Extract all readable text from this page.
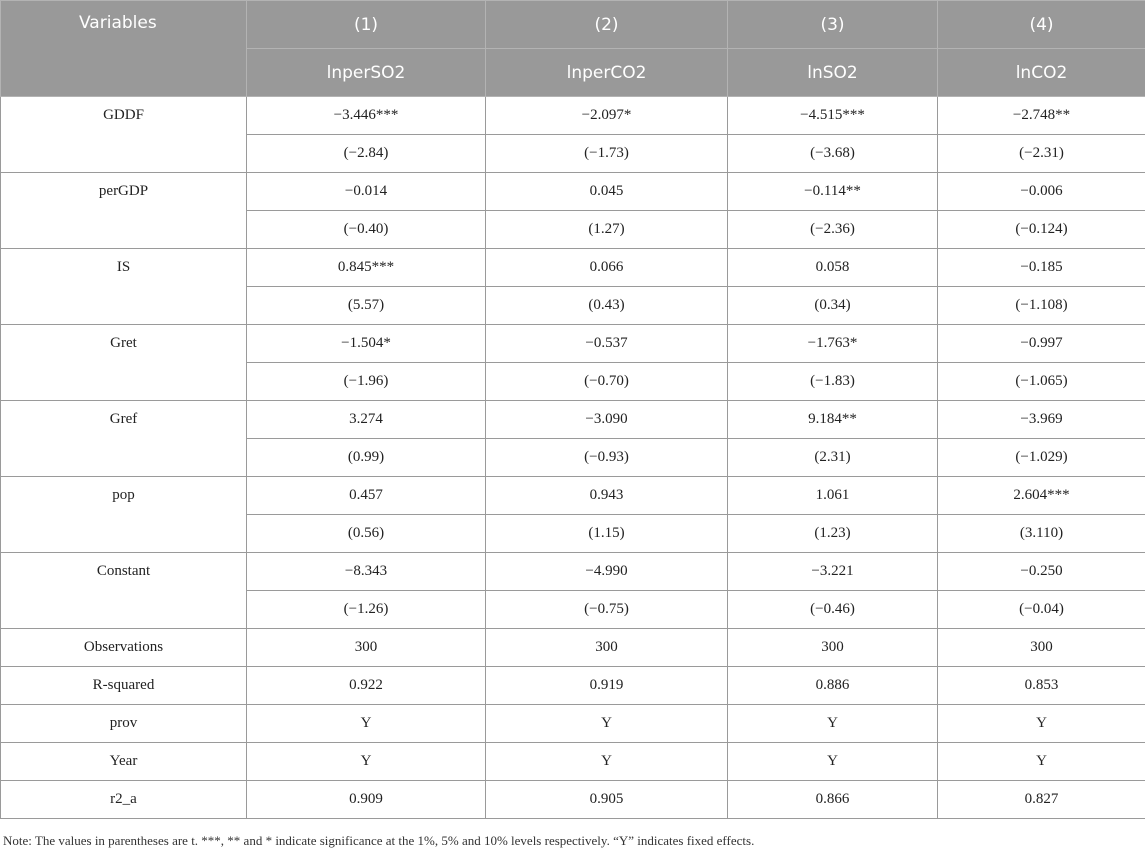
Variables	(1)	(2)	(3)	(4)
	lnperSO2	lnperCO2	lnSO2	lnCO2
GDDF	−3.446***	−2.097*	−4.515***	−2.748**
	(−2.84)	(−1.73)	(−3.68)	(−2.31)
perGDP	−0.014	0.045	−0.114**	−0.006
	(−0.40)	(1.27)	(−2.36)	(−0.124)
IS	0.845***	0.066	0.058	−0.185
	(5.57)	(0.43)	(0.34)	(−1.108)
Gret	−1.504*	−0.537	−1.763*	−0.997
	(−1.96)	(−0.70)	(−1.83)	(−1.065)
Gref	3.274	−3.090	9.184**	−3.969
	(0.99)	(−0.93)	(2.31)	(−1.029)
pop	0.457	0.943	1.061	2.604***
	(0.56)	(1.15)	(1.23)	(3.110)
Constant	−8.343	−4.990	−3.221	−0.250
	(−1.26)	(−0.75)	(−0.46)	(−0.04)
Observations	300	300	300	300
R-squared	0.922	0.919	0.886	0.853
prov	Y	Y	Y	Y
Year	Y	Y	Y	Y
r2_a	0.909	0.905	0.866	0.827
Note: The values in parentheses are t. ***, ** and * indicate significance at the 1%, 5% and 10% levels respectively. “Y” indicates fixed effects.
